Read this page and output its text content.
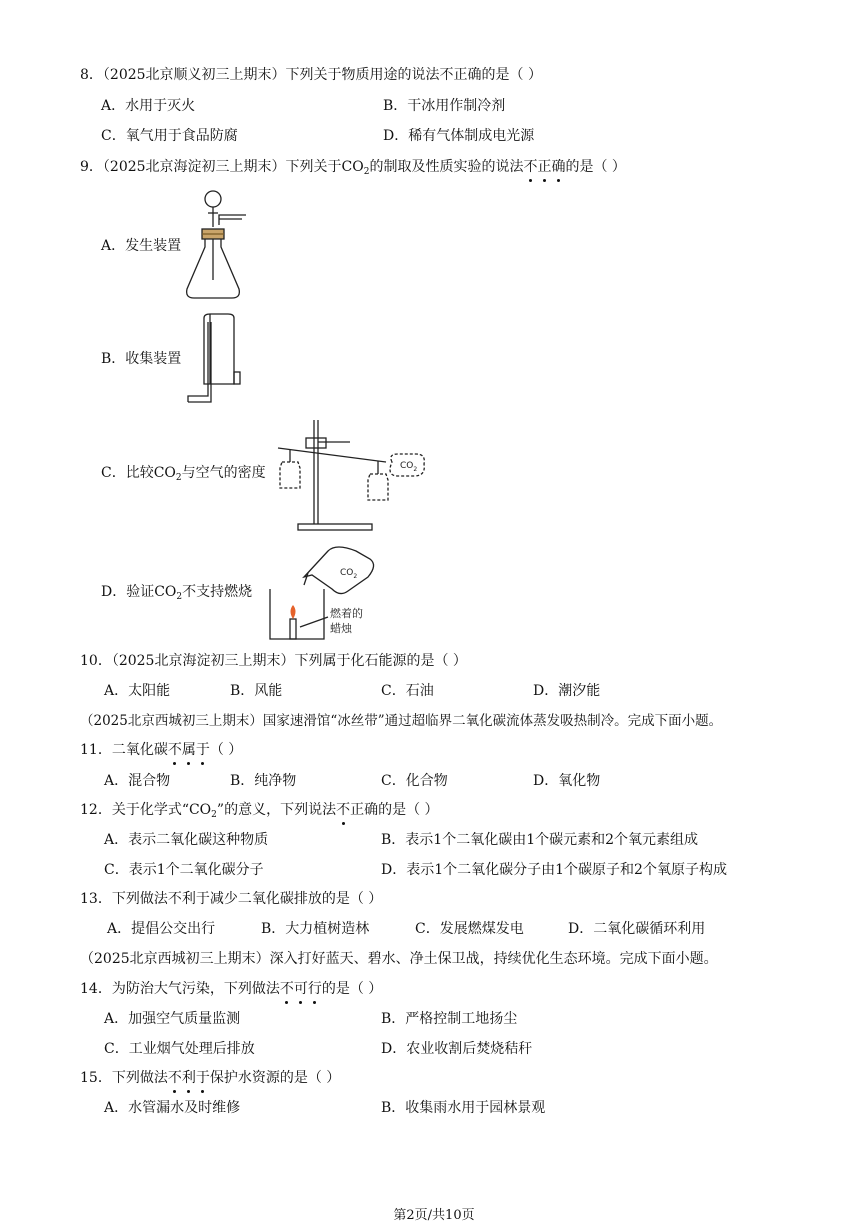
8．（2025北京顺义初三上期末）下列关于物质用途的说法不正确的是（ ）
A．水用于灭火	B．干冰用作制冷剂
C．氧气用于食品防腐	D．稀有气体制成电光源
9．（2025北京海淀初三上期末）下列关于$CO_2$的制取及性质实验的说法不正确的是（ ）
A．发生装置
B．收集装置
C．比较$CO_2$与空气的密度	$CO_2$
D．验证$CO_2$不支持燃烧
$CO_2$
燃着的
蜡烛
10．（2025北京海淀初三上期末）下列属于化石能源的是（ ）
A．太阳能	B．风能	C．石油	D．潮汐能
（2025北京西城初三上期末）国家速滑馆“冰丝带”通过超临界二氧化碳流体蒸发吸热制冷。完成下面小题。
11．二氧化碳不属于（ ）
A．混合物	B．纯净物	C．化合物	D．氧化物
12．关于化学式“$CO_2$”的意义，下列说法不正确的是（ ）
A．表示二氧化碳这种物质	B．表示1个二氧化碳由1个碳元素和2个氧元素组成
C．表示1个二氧化碳分子	D．表示1个二氧化碳分子由1个碳原子和2个氧原子构成
13．下列做法不利于减少二氧化碳排放的是（ ）
A．提倡公交出行	B．大力植树造林	C．发展燃煤发电	D．二氧化碳循环利用
（2025北京西城初三上期末）深入打好蓝天、碧水、净土保卫战，持续优化生态环境。完成下面小题。
14．为防治大气污染，下列做法不可行的是（ ）
A．加强空气质量监测	B．严格控制工地扬尘
C．工业烟气处理后排放	D．农业收割后焚烧秸秆
15．下列做法不利于保护水资源的是（ ）
A．水管漏水及时维修	B．收集雨水用于园林景观
第2页/共10页
